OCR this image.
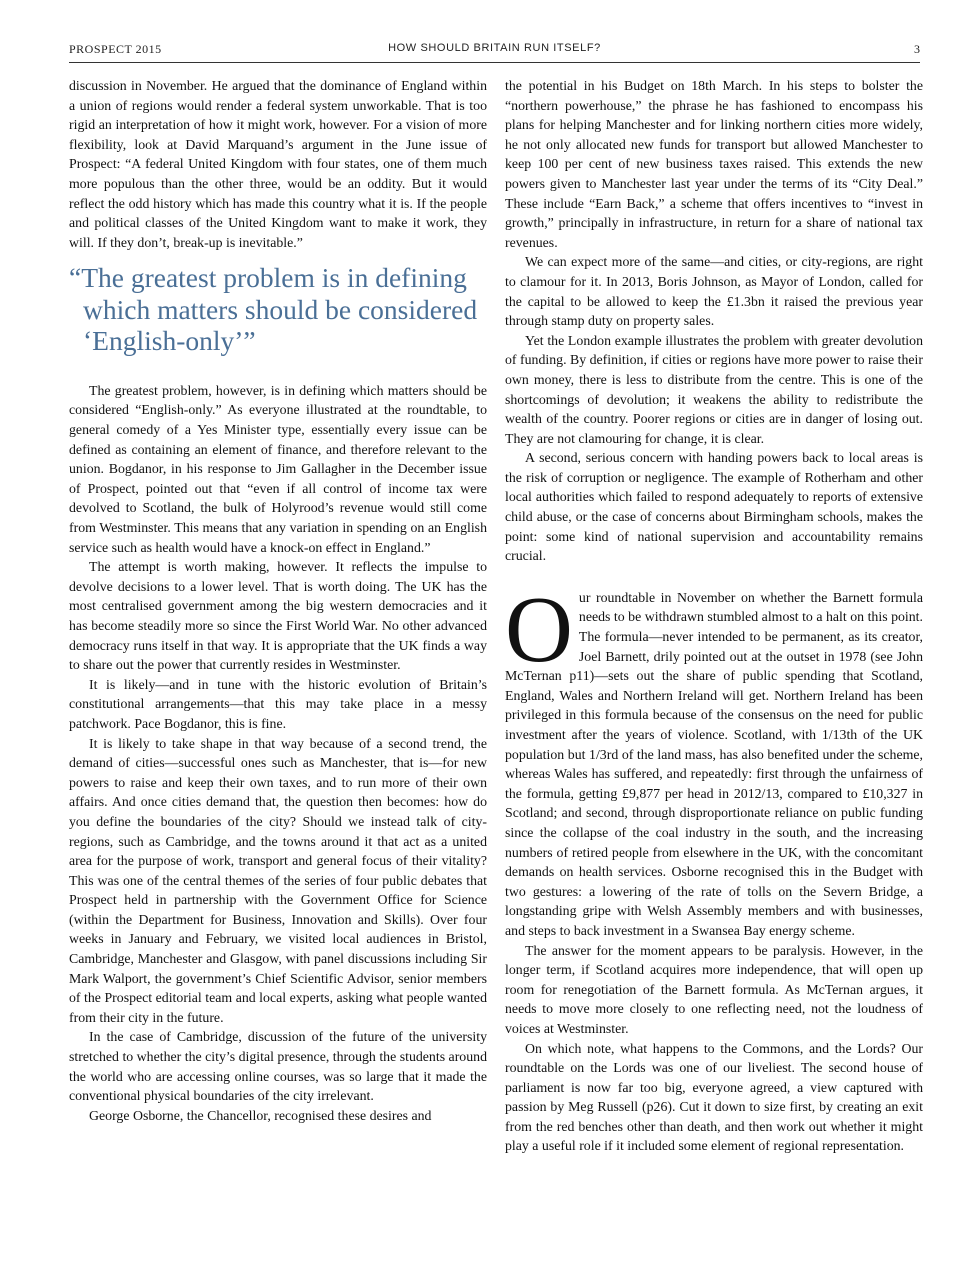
PROSPECT 2015	HOW SHOULD BRITAIN RUN ITSELF?	3

discussion in November. He argued that the dominance of England within a union of regions would render a federal system unworkable. That is too rigid an interpretation of how it might work, however. For a vision of more flexibility, look at David Marquand’s argument in the June issue of Prospect: “A federal United Kingdom with four states, one of them much more populous than the other three, would be an oddity. But it would reflect the odd history which has made this country what it is. If the people and political classes of the United Kingdom want to make it work, they will. If they don’t, break-up is inevitable.”

“The greatest problem is in defining which matters should be considered ‘English-only’”

The greatest problem, however, is in defining which matters should be considered “English-only.” As everyone illustrated at the roundtable, to general comedy of a Yes Minister type, essentially every issue can be defined as containing an element of finance, and therefore relevant to the union. Bogdanor, in his response to Jim Gallagher in the December issue of Prospect, pointed out that “even if all control of income tax were devolved to Scotland, the bulk of Holyrood’s revenue would still come from Westminster. This means that any variation in spending on an English service such as health would have a knock-on effect in England.”

The attempt is worth making, however. It reflects the impulse to devolve decisions to a lower level. That is worth doing. The UK has the most centralised government among the big western democracies and it has become steadily more so since the First World War. No other advanced democracy runs itself in that way. It is appropriate that the UK finds a way to share out the power that currently resides in Westminster.

It is likely—and in tune with the historic evolution of Britain’s constitutional arrangements—that this may take place in a messy patchwork. Pace Bogdanor, this is fine.

It is likely to take shape in that way because of a second trend, the demand of cities—successful ones such as Manchester, that is—for new powers to raise and keep their own taxes, and to run more of their own affairs. And once cities demand that, the question then becomes: how do you define the boundaries of the city? Should we instead talk of city-regions, such as Cambridge, and the towns around it that act as a united area for the purpose of work, transport and general focus of their vitality? This was one of the central themes of the series of four public debates that Prospect held in partnership with the Government Office for Science (within the Department for Business, Innovation and Skills). Over four weeks in January and February, we visited local audiences in Bristol, Cambridge, Manchester and Glasgow, with panel discussions including Sir Mark Walport, the government’s Chief Scientific Advisor, senior members of the Prospect editorial team and local experts, asking what people wanted from their city in the future.

In the case of Cambridge, discussion of the future of the university stretched to whether the city’s digital presence, through the students around the world who are accessing online courses, was so large that it made the conventional physical boundaries of the city irrelevant.

George Osborne, the Chancellor, recognised these desires and

the potential in his Budget on 18th March. In his steps to bolster the “northern powerhouse,” the phrase he has fashioned to encompass his plans for helping Manchester and for linking northern cities more widely, he not only allocated new funds for transport but allowed Manchester to keep 100 per cent of new business taxes raised. This extends the new powers given to Manchester last year under the terms of its “City Deal.” These include “Earn Back,” a scheme that offers incentives to “invest in growth,” principally in infrastructure, in return for a share of national tax revenues.

We can expect more of the same—and cities, or city-regions, are right to clamour for it. In 2013, Boris Johnson, as Mayor of London, called for the capital to be allowed to keep the £1.3bn it raised the previous year through stamp duty on property sales.

Yet the London example illustrates the problem with greater devolution of funding. By definition, if cities or regions have more power to raise their own money, there is less to distribute from the centre. This is one of the shortcomings of devolution; it weakens the ability to redistribute the wealth of the country. Poorer regions or cities are in danger of losing out. They are not clamouring for change, it is clear.

A second, serious concern with handing powers back to local areas is the risk of corruption or negligence. The example of Rotherham and other local authorities which failed to respond adequately to reports of extensive child abuse, or the case of concerns about Birmingham schools, makes the point: some kind of national supervision and accountability remains crucial.

Our roundtable in November on whether the Barnett formula needs to be withdrawn stumbled almost to a halt on this point. The formula—never intended to be permanent, as its creator, Joel Barnett, drily pointed out at the outset in 1978 (see John McTernan p11)—sets out the share of public spending that Scotland, England, Wales and Northern Ireland will get. Northern Ireland has been privileged in this formula because of the consensus on the need for public investment after the years of violence. Scotland, with 1/13th of the UK population but 1/3rd of the land mass, has also benefited under the scheme, whereas Wales has suffered, and repeatedly: first through the unfairness of the formula, getting £9,877 per head in 2012/13, compared to £10,327 in Scotland; and second, through disproportionate reliance on public funding since the collapse of the coal industry in the south, and the increasing numbers of retired people from elsewhere in the UK, with the concomitant demands on health services. Osborne recognised this in the Budget with two gestures: a lowering of the rate of tolls on the Severn Bridge, a longstanding gripe with Welsh Assembly members and with businesses, and steps to back investment in a Swansea Bay energy scheme.

The answer for the moment appears to be paralysis. However, in the longer term, if Scotland acquires more independence, that will open up room for renegotiation of the Barnett formula. As McTernan argues, it needs to move more closely to one reflecting need, not the loudness of voices at Westminster.

On which note, what happens to the Commons, and the Lords? Our roundtable on the Lords was one of our liveliest. The second house of parliament is now far too big, everyone agreed, a view captured with passion by Meg Russell (p26). Cut it down to size first, by creating an exit from the red benches other than death, and then work out whether it might play a useful role if it included some element of regional representation.
